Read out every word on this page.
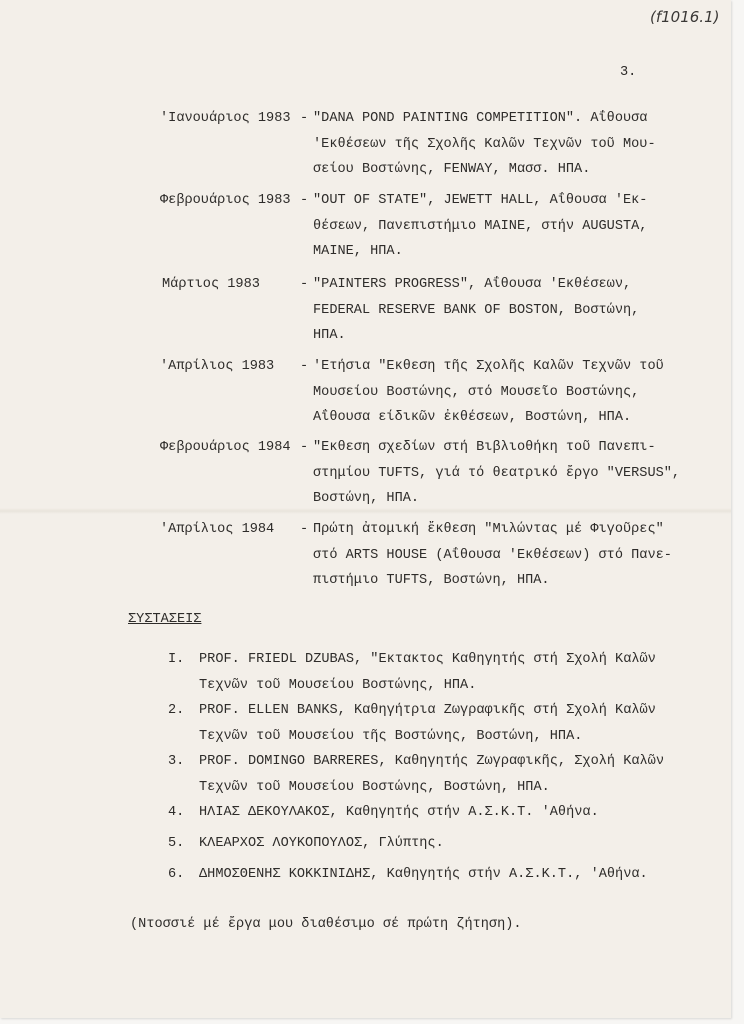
(f1016.1)
3.
'Ιανουάριος 1983 - "DANA POND PAINTING COMPETITION". Αΐθουσα
'Εκθέσεων τῆς Σχολῆς Καλῶν Τεχνῶν τοῦ Μου-
σείου Βοστώνης, FENWAY, Μασσ. ΗΠΑ.
Φεβρουάριος 1983 - "OUT OF STATE", JEWETT HALL, Αΐθουσα 'Εκ-
θέσεων, Πανεπιστήμιο MAINE, στήν AUGUSTA,
MAINE, ΗΠΑ.
Μάρτιος 1983	- "PAINTERS PROGRESS", Αΐθουσα 'Εκθέσεων,
FEDERAL RESERVE BANK OF BOSTON, Βοστώνη,
ΗΠΑ.
'Απρίλιος 1983 - 'Ετήσια ″Εκθεση τῆς Σχολῆς Καλῶν Τεχνῶν τοῦ
Μουσείου Βοστώνης, στό Μουσεῖο Βοστώνης,
Αΐθουσα είδικῶν ἐκθέσεων, Βοστώνη, ΗΠΑ.
Φεβρουάριος 1984 - ″Εκθεση σχεδίων στή Βιβλιοθήκη τοῦ Πανεπι-
στημίου TUFTS, γιά τό θεατρικό ἔργο "VERSUS",
Βοστώνη, ΗΠΑ.
'Απρίλιος 1984 - Πρώτη ἀτομική ἔκθεση "Μιλώντας μέ Φιγοῦρες"
στό ARTS HOUSE (Αΐθουσα 'Εκθέσεων) στό Πανε-
πιστήμιο TUFTS, Βοστώνη, ΗΠΑ.
ΣΥΣΤΑΣΕΙΣ
I. PROF. FRIEDL DZUBAS, ″Εκτακτος Καθηγητής στή Σχολή Καλῶν
Τεχνῶν τοῦ Μουσείου Βοστώνης, ΗΠΑ.
2. PROF. ELLEN BANKS, Καθηγήτρια Ζωγραφικῆς στή Σχολή Καλῶν
Τεχνῶν τοῦ Μουσείου τῆς Βοστώνης, Βοστώνη, ΗΠΑ.
3. PROF. DOMINGO BARRERES, Καθηγητής Ζωγραφικῆς, Σχολή Καλῶν
Τεχνῶν τοῦ Μουσείου Βοστώνης, Βοστώνη, ΗΠΑ.
4. ΗΛΙΑΣ ΔΕΚΟΥΛΑΚΟΣ, Καθηγητής στήν Α.Σ.Κ.Τ. 'Αθήνα.
5. ΚΛΕΑΡΧΟΣ ΛΟΥΚΟΠΟΥΛΟΣ, Γλύπτης.
6. ΔΗΜΟΣΘΕΝΗΣ ΚΟΚΚΙΝΙΔΗΣ, Καθηγητής στήν Α.Σ.Κ.Τ., 'Αθήνα.
(Ντοσσιέ μέ ἔργα μου διαθέσιμο σέ πρώτη ζήτηση).
